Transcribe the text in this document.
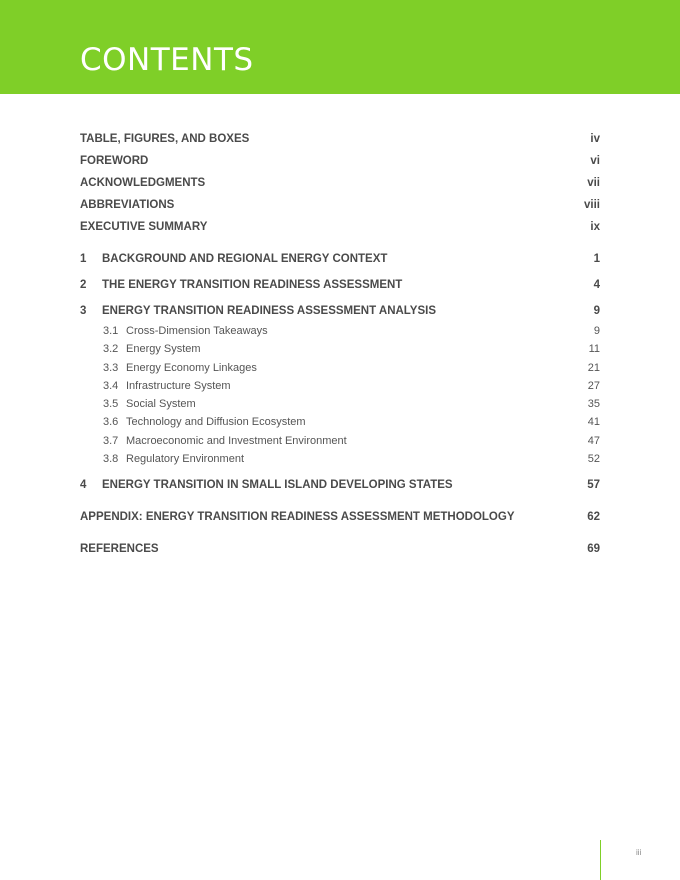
CONTENTS
TABLE, FIGURES, AND BOXES	iv
FOREWORD	vi
ACKNOWLEDGMENTS	vii
ABBREVIATIONS	viii
EXECUTIVE SUMMARY	ix
1	BACKGROUND AND REGIONAL ENERGY CONTEXT	1
2	THE ENERGY TRANSITION READINESS ASSESSMENT	4
3	ENERGY TRANSITION READINESS ASSESSMENT ANALYSIS	9
3.1 Cross-Dimension Takeaways	9
3.2 Energy System	11
3.3 Energy Economy Linkages	21
3.4 Infrastructure System	27
3.5 Social System	35
3.6 Technology and Diffusion Ecosystem	41
3.7 Macroeconomic and Investment Environment	47
3.8 Regulatory Environment	52
4	ENERGY TRANSITION IN SMALL ISLAND DEVELOPING STATES	57
APPENDIX: ENERGY TRANSITION READINESS ASSESSMENT METHODOLOGY	62
REFERENCES	69
iii
